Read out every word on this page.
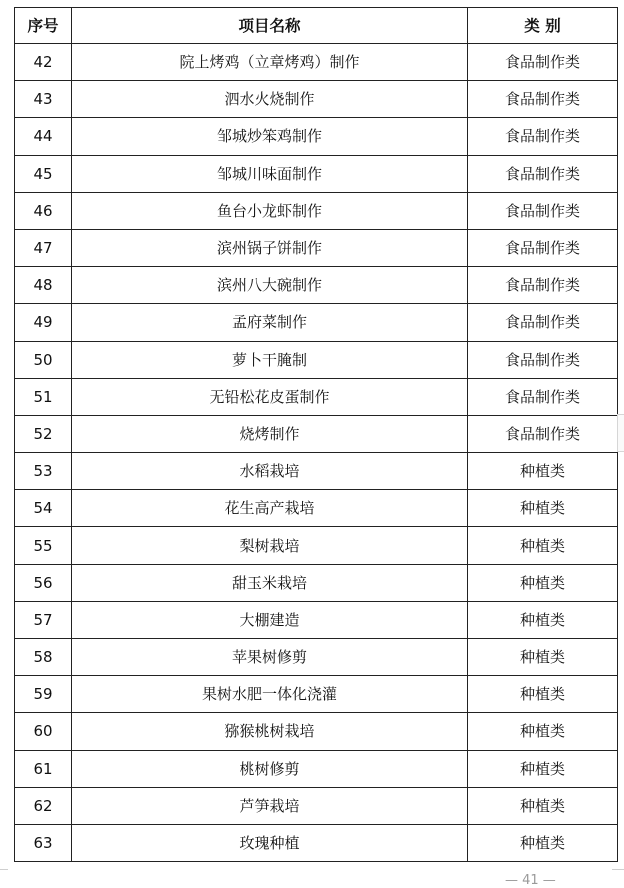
序号	项目名称	类 别
42	院上烤鸡（立章烤鸡）制作	食品制作类
43	泗水火烧制作	食品制作类
44	邹城炒笨鸡制作	食品制作类
45	邹城川味面制作	食品制作类
46	鱼台小龙虾制作	食品制作类
47	滨州锅子饼制作	食品制作类
48	滨州八大碗制作	食品制作类
49	孟府菜制作	食品制作类
50	萝卜干腌制	食品制作类
51	无铅松花皮蛋制作	食品制作类
52	烧烤制作	食品制作类
53	水稻栽培	种植类
54	花生高产栽培	种植类
55	梨树栽培	种植类
56	甜玉米栽培	种植类
57	大棚建造	种植类
58	苹果树修剪	种植类
59	果树水肥一体化浇灌	种植类
60	猕猴桃树栽培	种植类
61	桃树修剪	种植类
62	芦笋栽培	种植类
63	玫瑰种植	种植类
— 41 —
